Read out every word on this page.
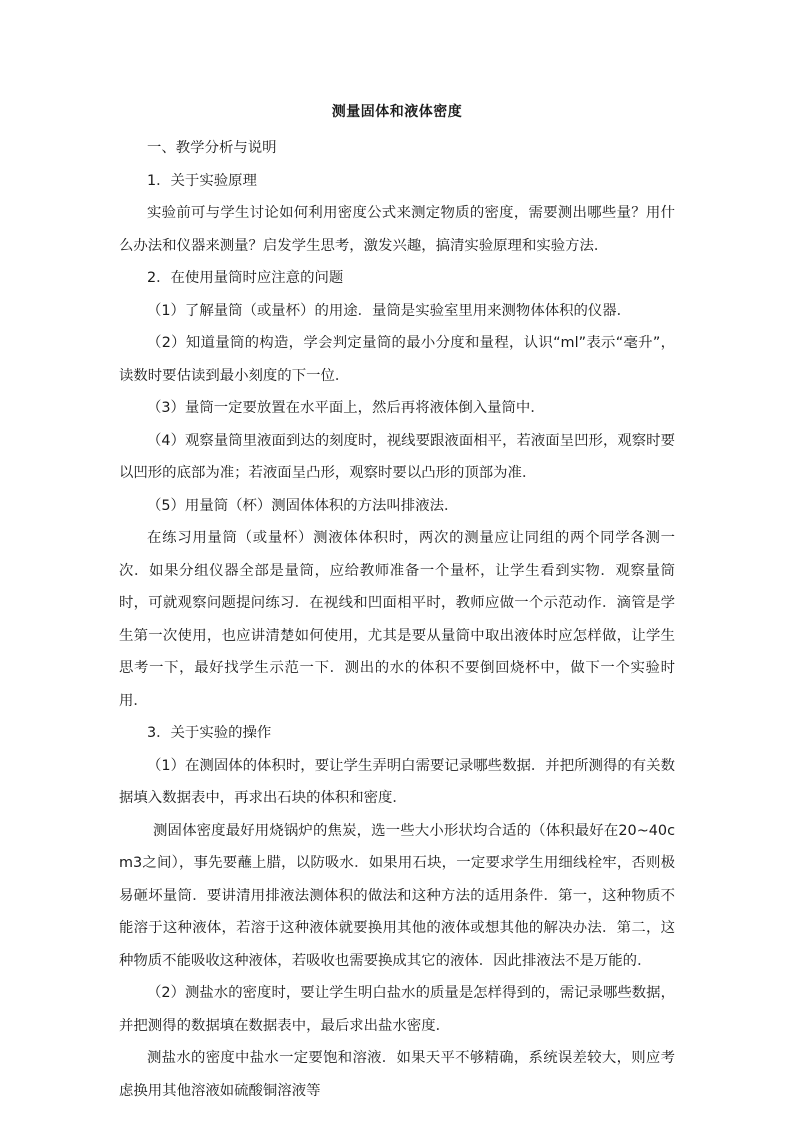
测量固体和液体密度

一、教学分析与说明

1．关于实验原理

实验前可与学生讨论如何利用密度公式来测定物质的密度，需要测出哪些量？用什么办法和仪器来测量？启发学生思考，激发兴趣，搞清实验原理和实验方法．

2．在使用量筒时应注意的问题

（1）了解量筒（或量杯）的用途．量筒是实验室里用来测物体体积的仪器．

（2）知道量筒的构造，学会判定量筒的最小分度和量程，认识“ml”表示“毫升”，读数时要估读到最小刻度的下一位．

（3）量筒一定要放置在水平面上，然后再将液体倒入量筒中．

（4）观察量筒里液面到达的刻度时，视线要跟液面相平，若液面呈凹形，观察时要以凹形的底部为准；若液面呈凸形，观察时要以凸形的顶部为准．

（5）用量筒（杯）测固体体积的方法叫排液法．

在练习用量筒（或量杯）测液体体积时，两次的测量应让同组的两个同学各测一次．如果分组仪器全部是量筒，应给教师准备一个量杯，让学生看到实物．观察量筒时，可就观察问题提问练习．在视线和凹面相平时，教师应做一个示范动作．滴管是学生第一次使用，也应讲清楚如何使用，尤其是要从量筒中取出液体时应怎样做，让学生思考一下，最好找学生示范一下．测出的水的体积不要倒回烧杯中，做下一个实验时用．

3．关于实验的操作

（1）在测固体的体积时，要让学生弄明白需要记录哪些数据．并把所测得的有关数据填入数据表中，再求出石块的体积和密度．

测固体密度最好用烧锅炉的焦炭，选一些大小形状均合适的（体积最好在20~40cm3之间），事先要蘸上腊，以防吸水．如果用石块，一定要求学生用细线栓牢，否则极易砸坏量筒．要讲清用排液法测体积的做法和这种方法的适用条件．第一，这种物质不能溶于这种液体，若溶于这种液体就要换用其他的液体或想其他的解决办法．第二，这种物质不能吸收这种液体，若吸收也需要换成其它的液体．因此排液法不是万能的．

（2）测盐水的密度时，要让学生明白盐水的质量是怎样得到的，需记录哪些数据，并把测得的数据填在数据表中，最后求出盐水密度．

测盐水的密度中盐水一定要饱和溶液．如果天平不够精确，系统误差较大，则应考虑换用其他溶液如硫酸铜溶液等
